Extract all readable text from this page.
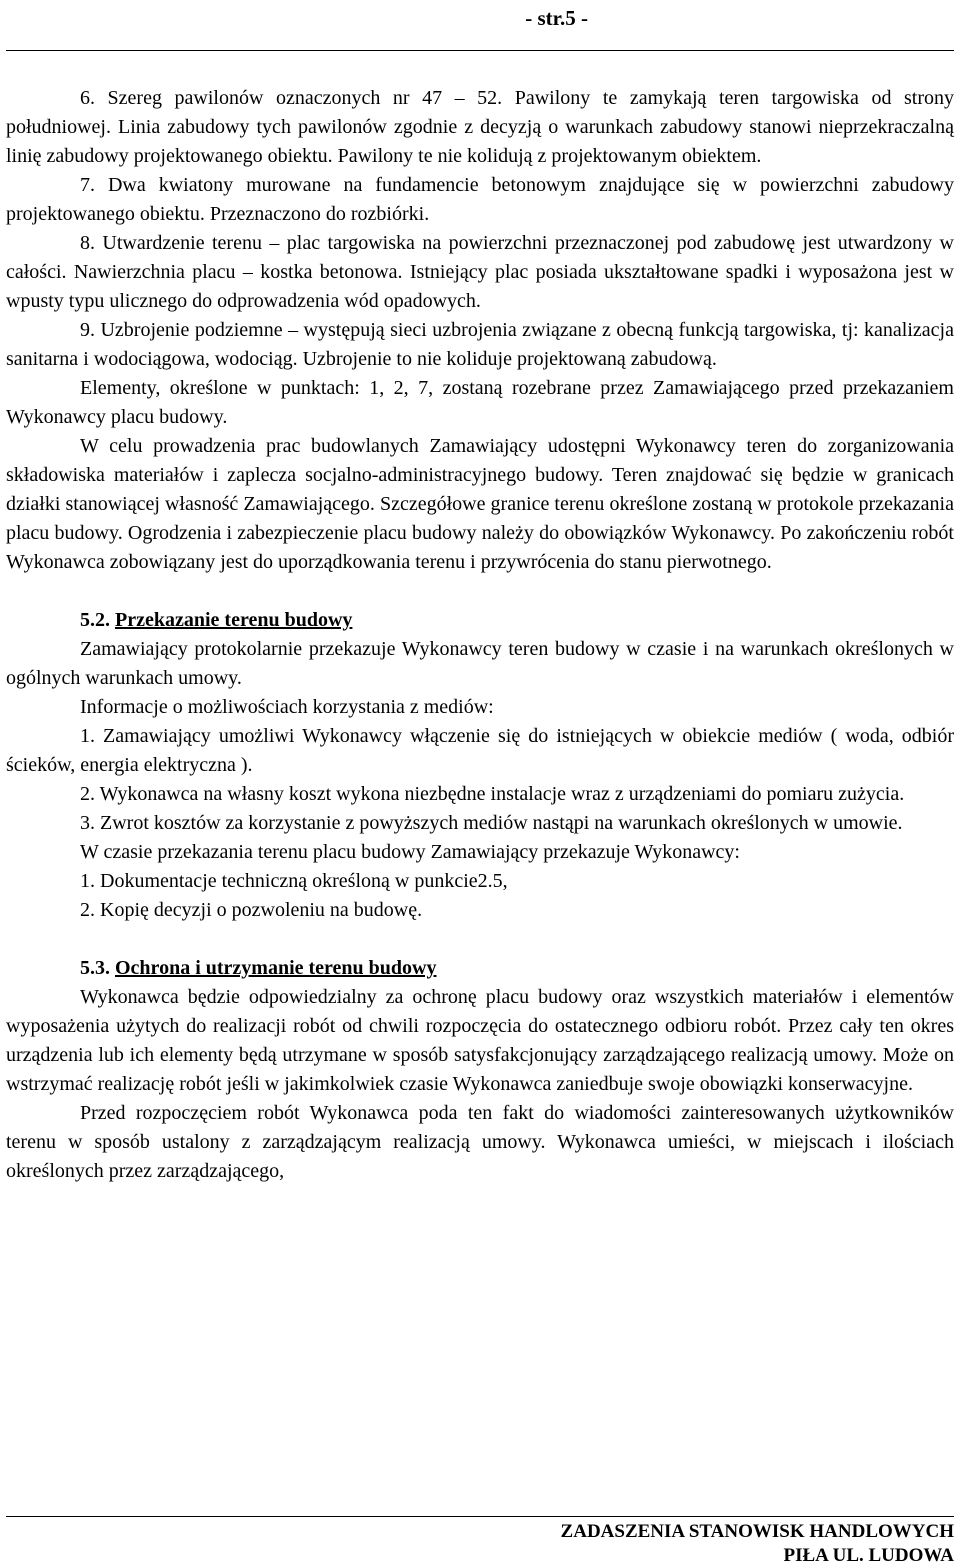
- str.5 -

6. Szereg pawilonów oznaczonych nr 47 – 52. Pawilony te zamykają teren targowiska od strony południowej. Linia zabudowy tych pawilonów zgodnie z decyzją o warunkach zabudowy stanowi nieprzekraczalną linię zabudowy projektowanego obiektu. Pawilony te nie kolidują z projektowanym obiektem.

7. Dwa kwiatony murowane na fundamencie betonowym znajdujące się w powierzchni zabudowy projektowanego obiektu. Przeznaczono do rozbiórki.

8. Utwardzenie terenu – plac targowiska na powierzchni przeznaczonej pod zabudowę jest utwardzony w całości. Nawierzchnia placu – kostka betonowa. Istniejący plac posiada ukształtowane spadki i wyposażona jest w wpusty typu ulicznego do odprowadzenia wód opadowych.

9. Uzbrojenie podziemne – występują sieci uzbrojenia związane z obecną funkcją targowiska, tj: kanalizacja sanitarna i wodociągowa, wodociąg. Uzbrojenie to nie koliduje projektowaną zabudową.

Elementy, określone w punktach: 1, 2, 7, zostaną rozebrane przez Zamawiającego przed przekazaniem Wykonawcy placu budowy.

W celu prowadzenia prac budowlanych Zamawiający udostępni Wykonawcy teren do zorganizowania składowiska materiałów i zaplecza socjalno-administracyjnego budowy. Teren znajdować się będzie w granicach działki stanowiącej własność Zamawiającego. Szczegółowe granice terenu określone zostaną w protokole przekazania placu budowy. Ogrodzenia i zabezpieczenie placu budowy należy do obowiązków Wykonawcy. Po zakończeniu robót Wykonawca zobowiązany jest do uporządkowania terenu i przywrócenia do stanu pierwotnego.

5.2. Przekazanie terenu budowy

Zamawiający protokolarnie przekazuje Wykonawcy teren budowy w czasie i na warunkach określonych w ogólnych warunkach umowy.

Informacje o możliwościach korzystania z mediów:

1. Zamawiający umożliwi Wykonawcy włączenie się do istniejących w obiekcie mediów ( woda, odbiór ścieków, energia elektryczna ).

2. Wykonawca na własny koszt wykona niezbędne instalacje wraz z urządzeniami do pomiaru zużycia.

3. Zwrot kosztów za korzystanie z powyższych mediów nastąpi na warunkach określonych w umowie.

W czasie przekazania terenu placu budowy Zamawiający przekazuje Wykonawcy:

1. Dokumentacje techniczną określoną w punkcie2.5,

2. Kopię decyzji o pozwoleniu na budowę.

5.3. Ochrona i utrzymanie terenu budowy

Wykonawca będzie odpowiedzialny za ochronę placu budowy oraz wszystkich materiałów i elementów wyposażenia użytych do realizacji robót od chwili rozpoczęcia do ostatecznego odbioru robót. Przez cały ten okres urządzenia lub ich elementy będą utrzymane w sposób satysfakcjonujący zarządzającego realizacją umowy. Może on wstrzymać realizację robót jeśli w jakimkolwiek czasie Wykonawca zaniedbuje swoje obowiązki konserwacyjne.

Przed rozpoczęciem robót Wykonawca poda ten fakt do wiadomości zainteresowanych użytkowników terenu w sposób ustalony z zarządzającym realizacją umowy. Wykonawca umieści, w miejscach i ilościach określonych przez zarządzającego,

ZADASZENIA STANOWISK HANDLOWYCH
PIŁA UL. LUDOWA
